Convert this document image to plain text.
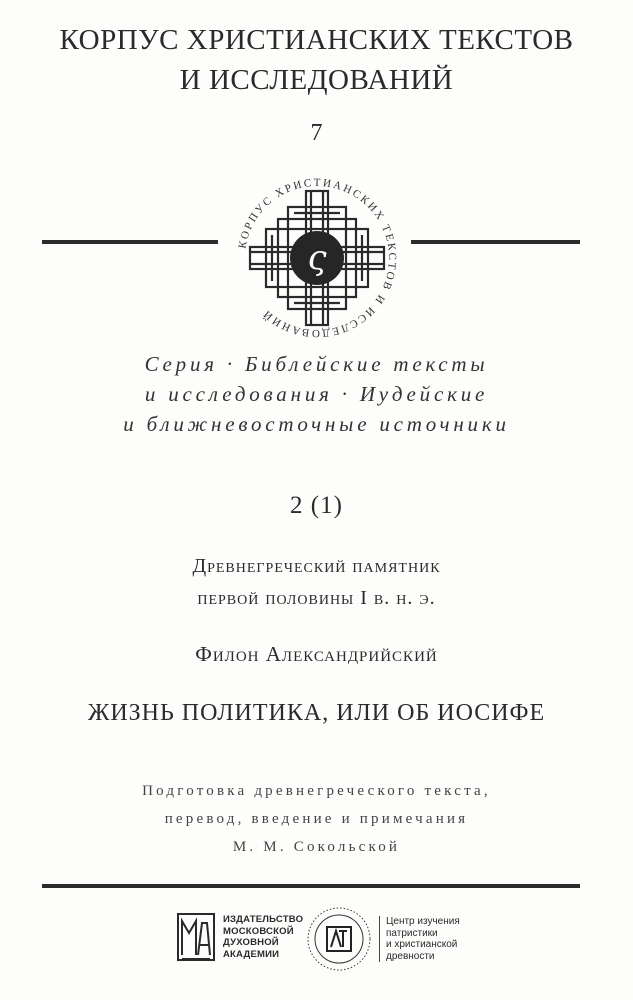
КОРПУС ХРИСТИАНСКИХ ТЕКСТОВ
И ИССЛЕДОВАНИЙ
7
КОРПУС ХРИСТИАНСКИХ ТЕКСТОВ И ИССЛЕДОВАНИЙ
ς
Серия · Библейские тексты
и исследования · Иудейские
и ближневосточные источники
2 (1)
Древнегреческий памятник
первой половины I в. н. э.
Филон Александрийский
ЖИЗНЬ ПОЛИТИКА, ИЛИ ОБ ИОСИФЕ
Подготовка древнегреческого текста,
перевод, введение и примечания
М. М. Сокольской
ИЗДАТЕЛЬСТВО
МОСКОВСКОЙ
ДУХОВНОЙ
АКАДЕМИИ
Центр изучения
патристики
и христианской
древности
